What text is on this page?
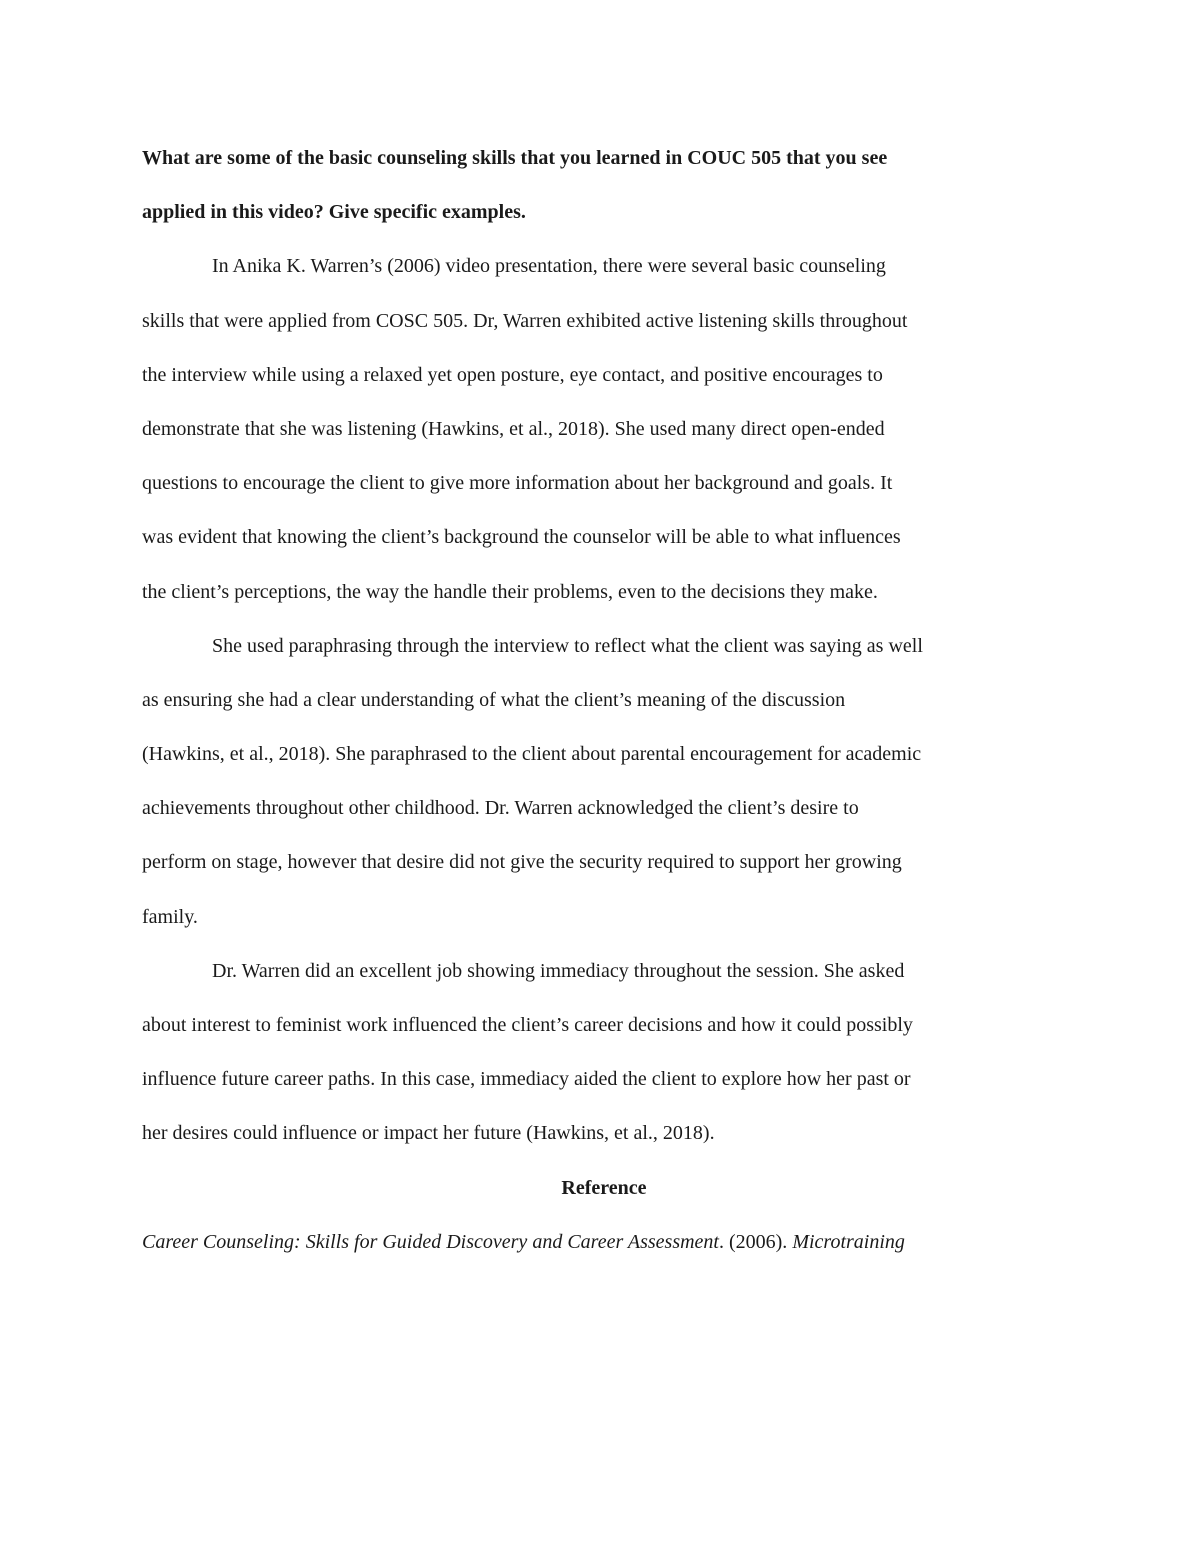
What are some of the basic counseling skills that you learned in COUC 505 that you see
applied in this video? Give specific examples.
In Anika K. Warren’s (2006) video presentation, there were several basic counseling
skills that were applied from COSC 505. Dr, Warren exhibited active listening skills throughout
the interview while using a relaxed yet open posture, eye contact, and positive encourages to
demonstrate that she was listening (Hawkins, et al., 2018). She used many direct open-ended
questions to encourage the client to give more information about her background and goals. It
was evident that knowing the client’s background the counselor will be able to what influences
the client’s perceptions, the way the handle their problems, even to the decisions they make.
She used paraphrasing through the interview to reflect what the client was saying as well
as ensuring she had a clear understanding of what the client’s meaning of the discussion
(Hawkins, et al., 2018). She paraphrased to the client about parental encouragement for academic
achievements throughout other childhood. Dr. Warren acknowledged the client’s desire to
perform on stage, however that desire did not give the security required to support her growing
family.
Dr. Warren did an excellent job showing immediacy throughout the session. She asked
about interest to feminist work influenced the client’s career decisions and how it could possibly
influence future career paths. In this case, immediacy aided the client to explore how her past or
her desires could influence or impact her future (Hawkins, et al., 2018).
Reference
Career Counseling: Skills for Guided Discovery and Career Assessment. (2006). Microtraining
